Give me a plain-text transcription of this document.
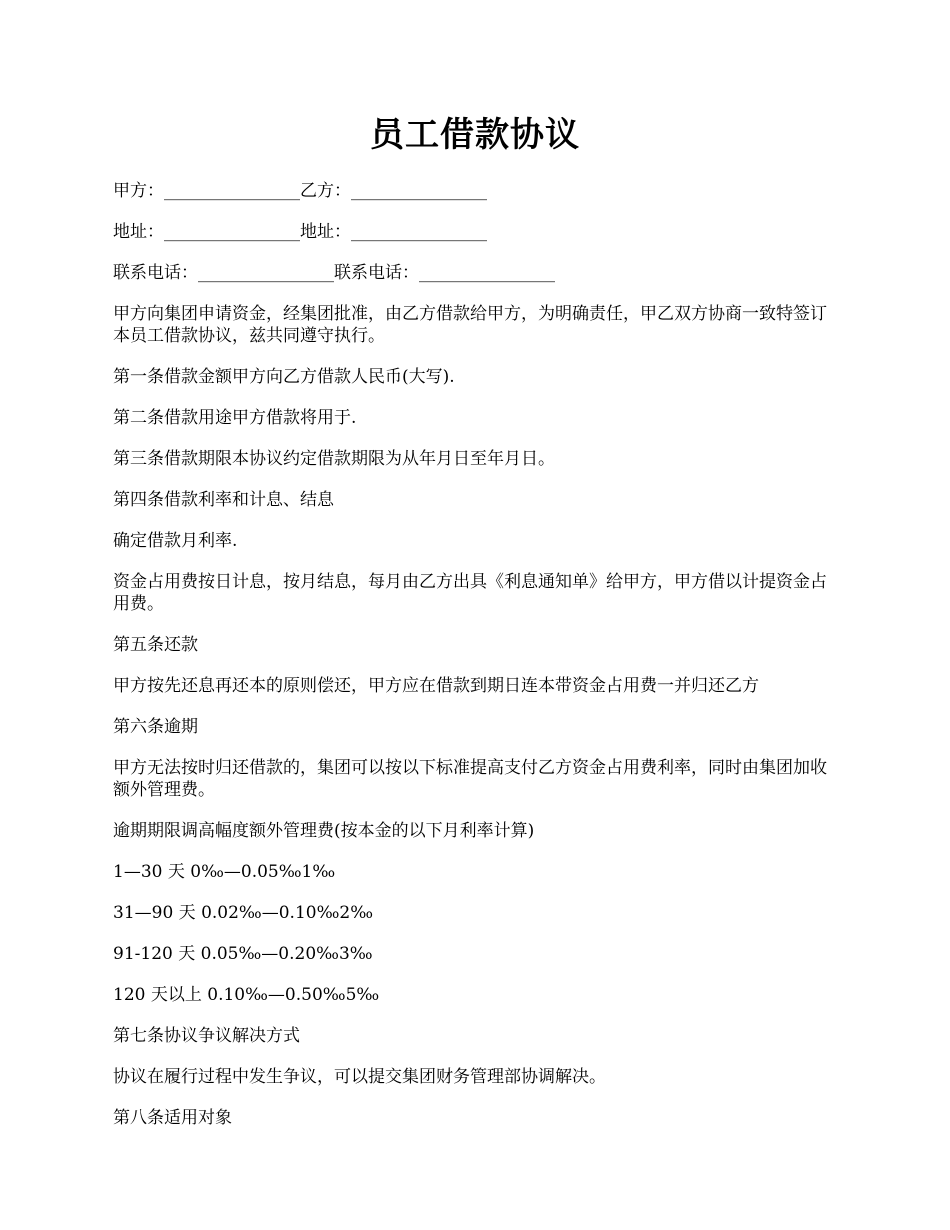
员工借款协议

甲方：________________乙方：________________

地址：________________地址：________________

联系电话：________________联系电话：________________

甲方向集团申请资金，经集团批准，由乙方借款给甲方，为明确责任，甲乙双方协商一致特签订本员工借款协议，兹共同遵守执行。

第一条借款金额甲方向乙方借款人民币(大写).

第二条借款用途甲方借款将用于.

第三条借款期限本协议约定借款期限为从年月日至年月日。

第四条借款利率和计息、结息

确定借款月利率.

资金占用费按日计息，按月结息，每月由乙方出具《利息通知单》给甲方，甲方借以计提资金占用费。

第五条还款

甲方按先还息再还本的原则偿还，甲方应在借款到期日连本带资金占用费一并归还乙方

第六条逾期

甲方无法按时归还借款的，集团可以按以下标准提高支付乙方资金占用费利率，同时由集团加收额外管理费。

逾期期限调高幅度额外管理费(按本金的以下月利率计算)

1—30 天 0‰—0.05‰1‰

31—90 天 0.02‰—0.10‰2‰

91-120 天 0.05‰—0.20‰3‰

120 天以上 0.10‰—0.50‰5‰

第七条协议争议解决方式

协议在履行过程中发生争议，可以提交集团财务管理部协调解决。

第八条适用对象
